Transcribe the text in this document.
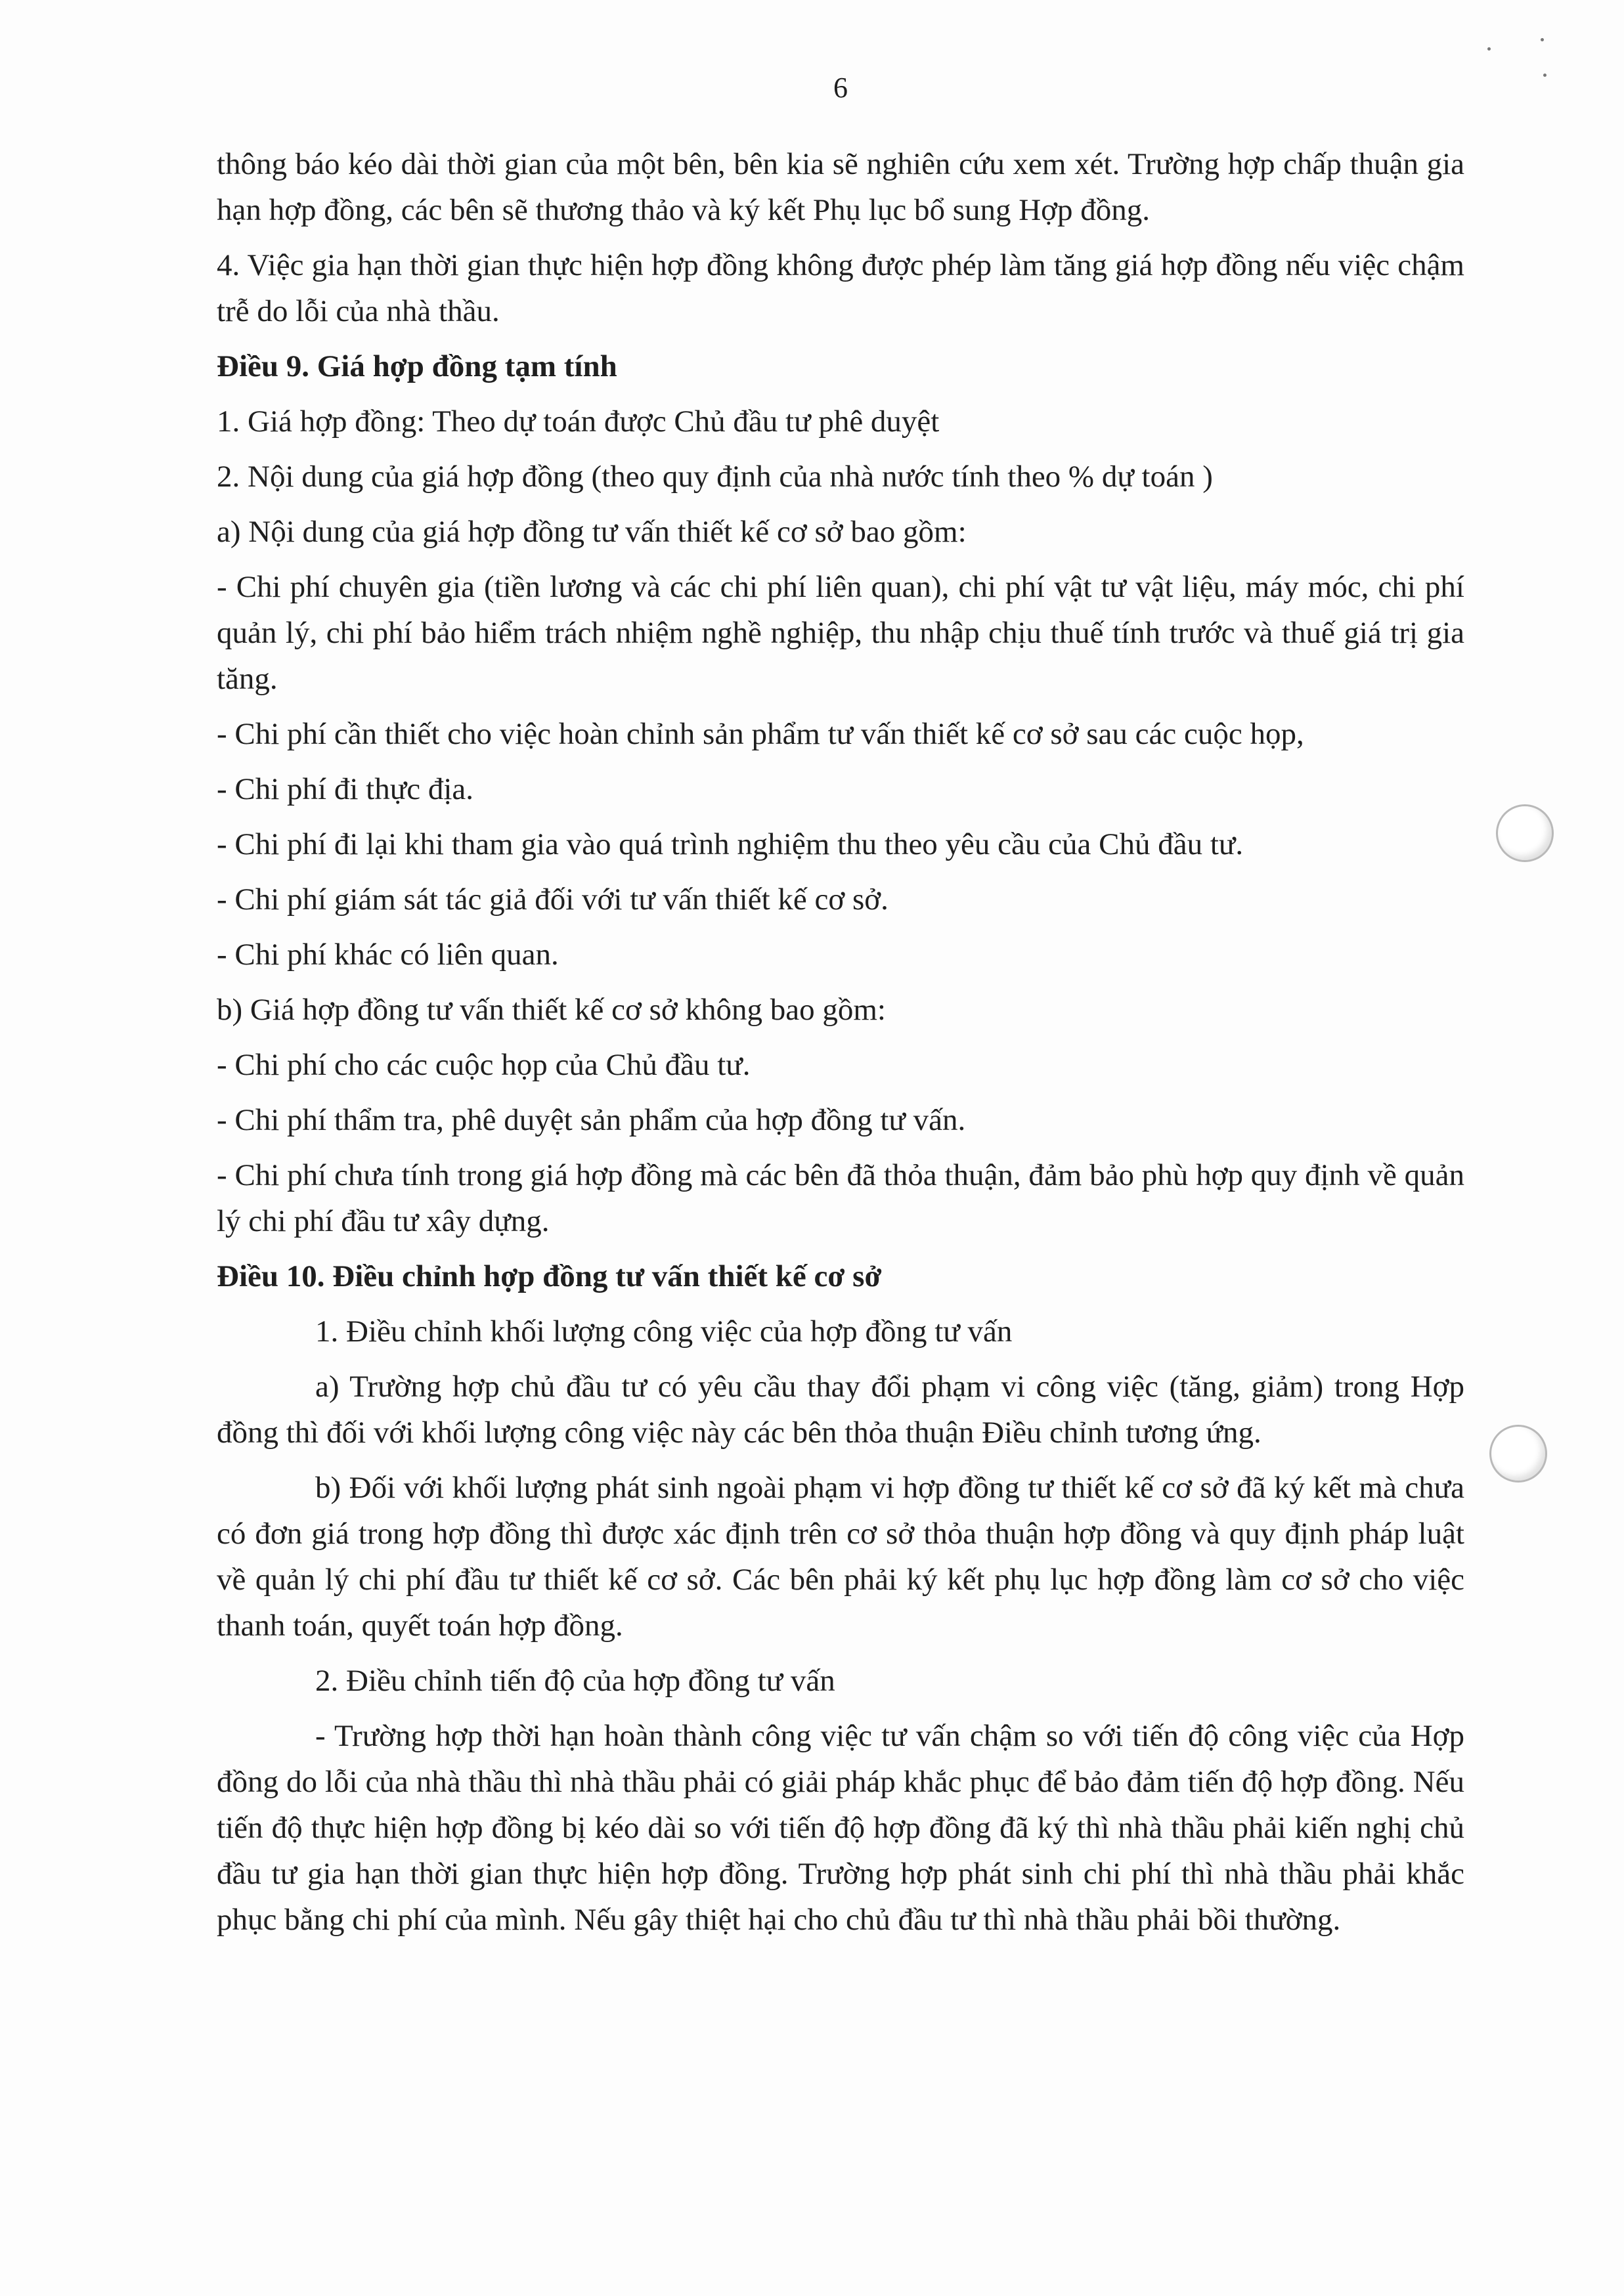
6

thông báo kéo dài thời gian của một bên, bên kia sẽ nghiên cứu xem xét. Trường hợp chấp thuận gia hạn hợp đồng, các bên sẽ thương thảo và ký kết Phụ lục bổ sung Hợp đồng.

4. Việc gia hạn thời gian thực hiện hợp đồng không được phép làm tăng giá hợp đồng nếu việc chậm trễ do lỗi của nhà thầu.

Điều 9. Giá hợp đồng tạm tính

1. Giá hợp đồng: Theo dự toán được Chủ đầu tư phê duyệt

2. Nội dung của giá hợp đồng (theo quy định của nhà nước tính theo % dự toán )

a) Nội dung của giá hợp đồng tư vấn thiết kế cơ sở bao gồm:

- Chi phí chuyên gia (tiền lương và các chi phí liên quan), chi phí vật tư vật liệu, máy móc, chi phí quản lý, chi phí bảo hiểm trách nhiệm nghề nghiệp, thu nhập chịu thuế tính trước và thuế giá trị gia tăng.

- Chi phí cần thiết cho việc hoàn chỉnh sản phẩm tư vấn thiết kế cơ sở sau các cuộc họp,

- Chi phí đi thực địa.

- Chi phí đi lại khi tham gia vào quá trình nghiệm thu theo yêu cầu của Chủ đầu tư.

- Chi phí giám sát tác giả đối với tư vấn thiết kế cơ sở.

- Chi phí khác có liên quan.

b) Giá hợp đồng tư vấn thiết kế cơ sở không bao gồm:

- Chi phí cho các cuộc họp của Chủ đầu tư.

- Chi phí thẩm tra, phê duyệt sản phẩm của hợp đồng tư vấn.

- Chi phí chưa tính trong giá hợp đồng mà các bên đã thỏa thuận, đảm bảo phù hợp quy định về quản lý chi phí đầu tư xây dựng.

Điều 10. Điều chỉnh hợp đồng tư vấn thiết kế cơ sở

1. Điều chỉnh khối lượng công việc của hợp đồng tư vấn

a) Trường hợp chủ đầu tư có yêu cầu thay đổi phạm vi công việc (tăng, giảm) trong Hợp đồng thì đối với khối lượng công việc này các bên thỏa thuận Điều chỉnh tương ứng.

b) Đối với khối lượng phát sinh ngoài phạm vi hợp đồng tư thiết kế cơ sở đã ký kết mà chưa có đơn giá trong hợp đồng thì được xác định trên cơ sở thỏa thuận hợp đồng và quy định pháp luật về quản lý chi phí đầu tư thiết kế cơ sở. Các bên phải ký kết phụ lục hợp đồng làm cơ sở cho việc thanh toán, quyết toán hợp đồng.

2. Điều chỉnh tiến độ của hợp đồng tư vấn

- Trường hợp thời hạn hoàn thành công việc tư vấn chậm so với tiến độ công việc của Hợp đồng do lỗi của nhà thầu thì nhà thầu phải có giải pháp khắc phục để bảo đảm tiến độ hợp đồng. Nếu tiến độ thực hiện hợp đồng bị kéo dài so với tiến độ hợp đồng đã ký thì nhà thầu phải kiến nghị chủ đầu tư gia hạn thời gian thực hiện hợp đồng. Trường hợp phát sinh chi phí thì nhà thầu phải khắc phục bằng chi phí của mình. Nếu gây thiệt hại cho chủ đầu tư thì nhà thầu phải bồi thường.
